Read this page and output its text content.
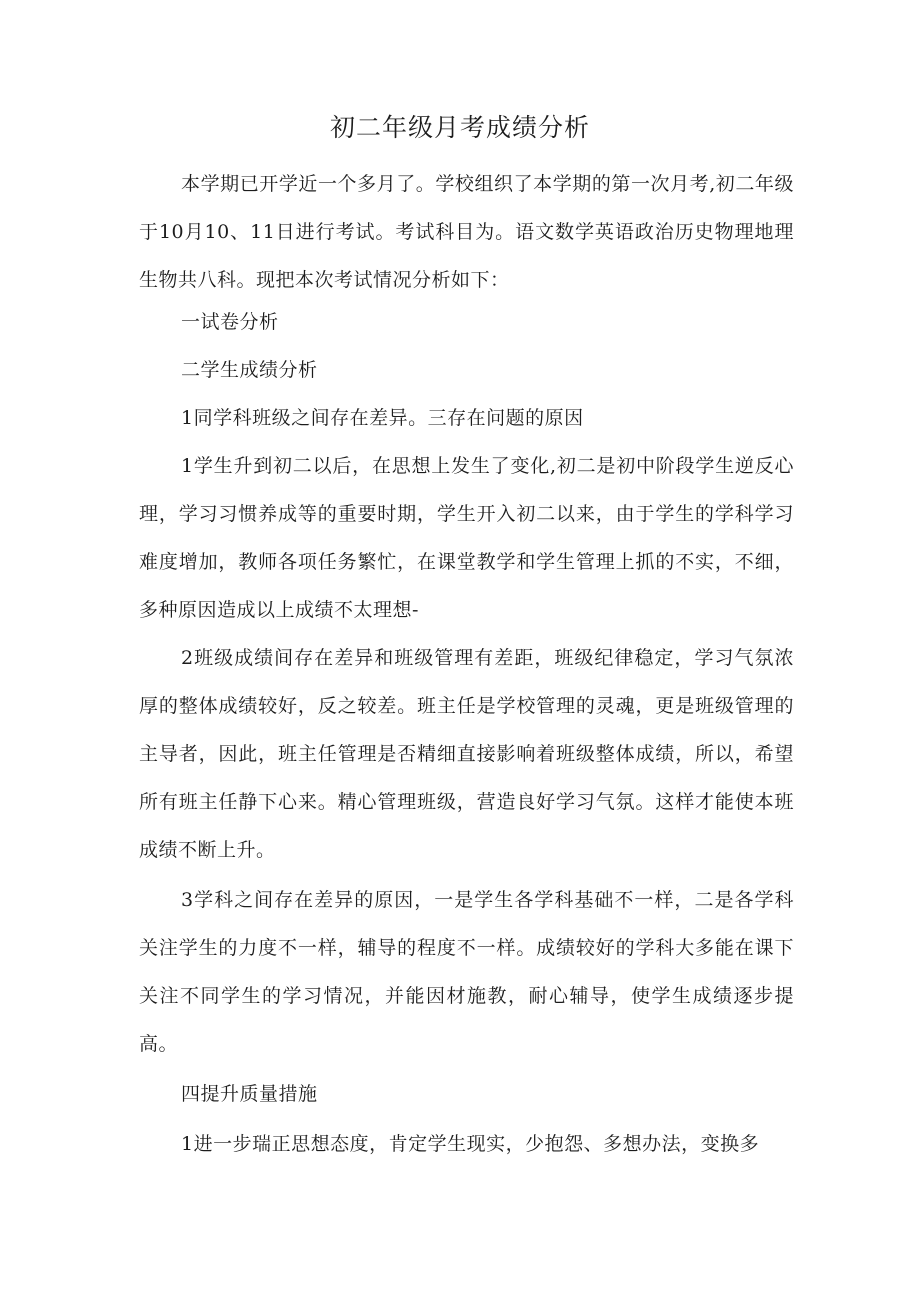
初二年级月考成绩分析

本学期已开学近一个多月了。学校组织了本学期的第一次月考,初二年级于10月10、11日进行考试。考试科目为。语文数学英语政治历史物理地理生物共八科。现把本次考试情况分析如下：

一试卷分析
二学生成绩分析
1同学科班级之间存在差异。三存在问题的原因

1学生升到初二以后，在思想上发生了变化,初二是初中阶段学生逆反心理，学习习惯养成等的重要时期，学生开入初二以来，由于学生的学科学习难度增加，教师各项任务繁忙，在课堂教学和学生管理上抓的不实，不细，多种原因造成以上成绩不太理想-

2班级成绩间存在差异和班级管理有差距，班级纪律稳定，学习气氛浓厚的整体成绩较好，反之较差。班主任是学校管理的灵魂，更是班级管理的主导者，因此，班主任管理是否精细直接影响着班级整体成绩，所以，希望所有班主任静下心来。精心管理班级，营造良好学习气氛。这样才能使本班成绩不断上升。

3学科之间存在差异的原因，一是学生各学科基础不一样，二是各学科关注学生的力度不一样，辅导的程度不一样。成绩较好的学科大多能在课下关注不同学生的学习情况，并能因材施教，耐心辅导，使学生成绩逐步提高。

四提升质量措施

1进一步瑞正思想态度，肯定学生现实，少抱怨、多想办法，变换多
